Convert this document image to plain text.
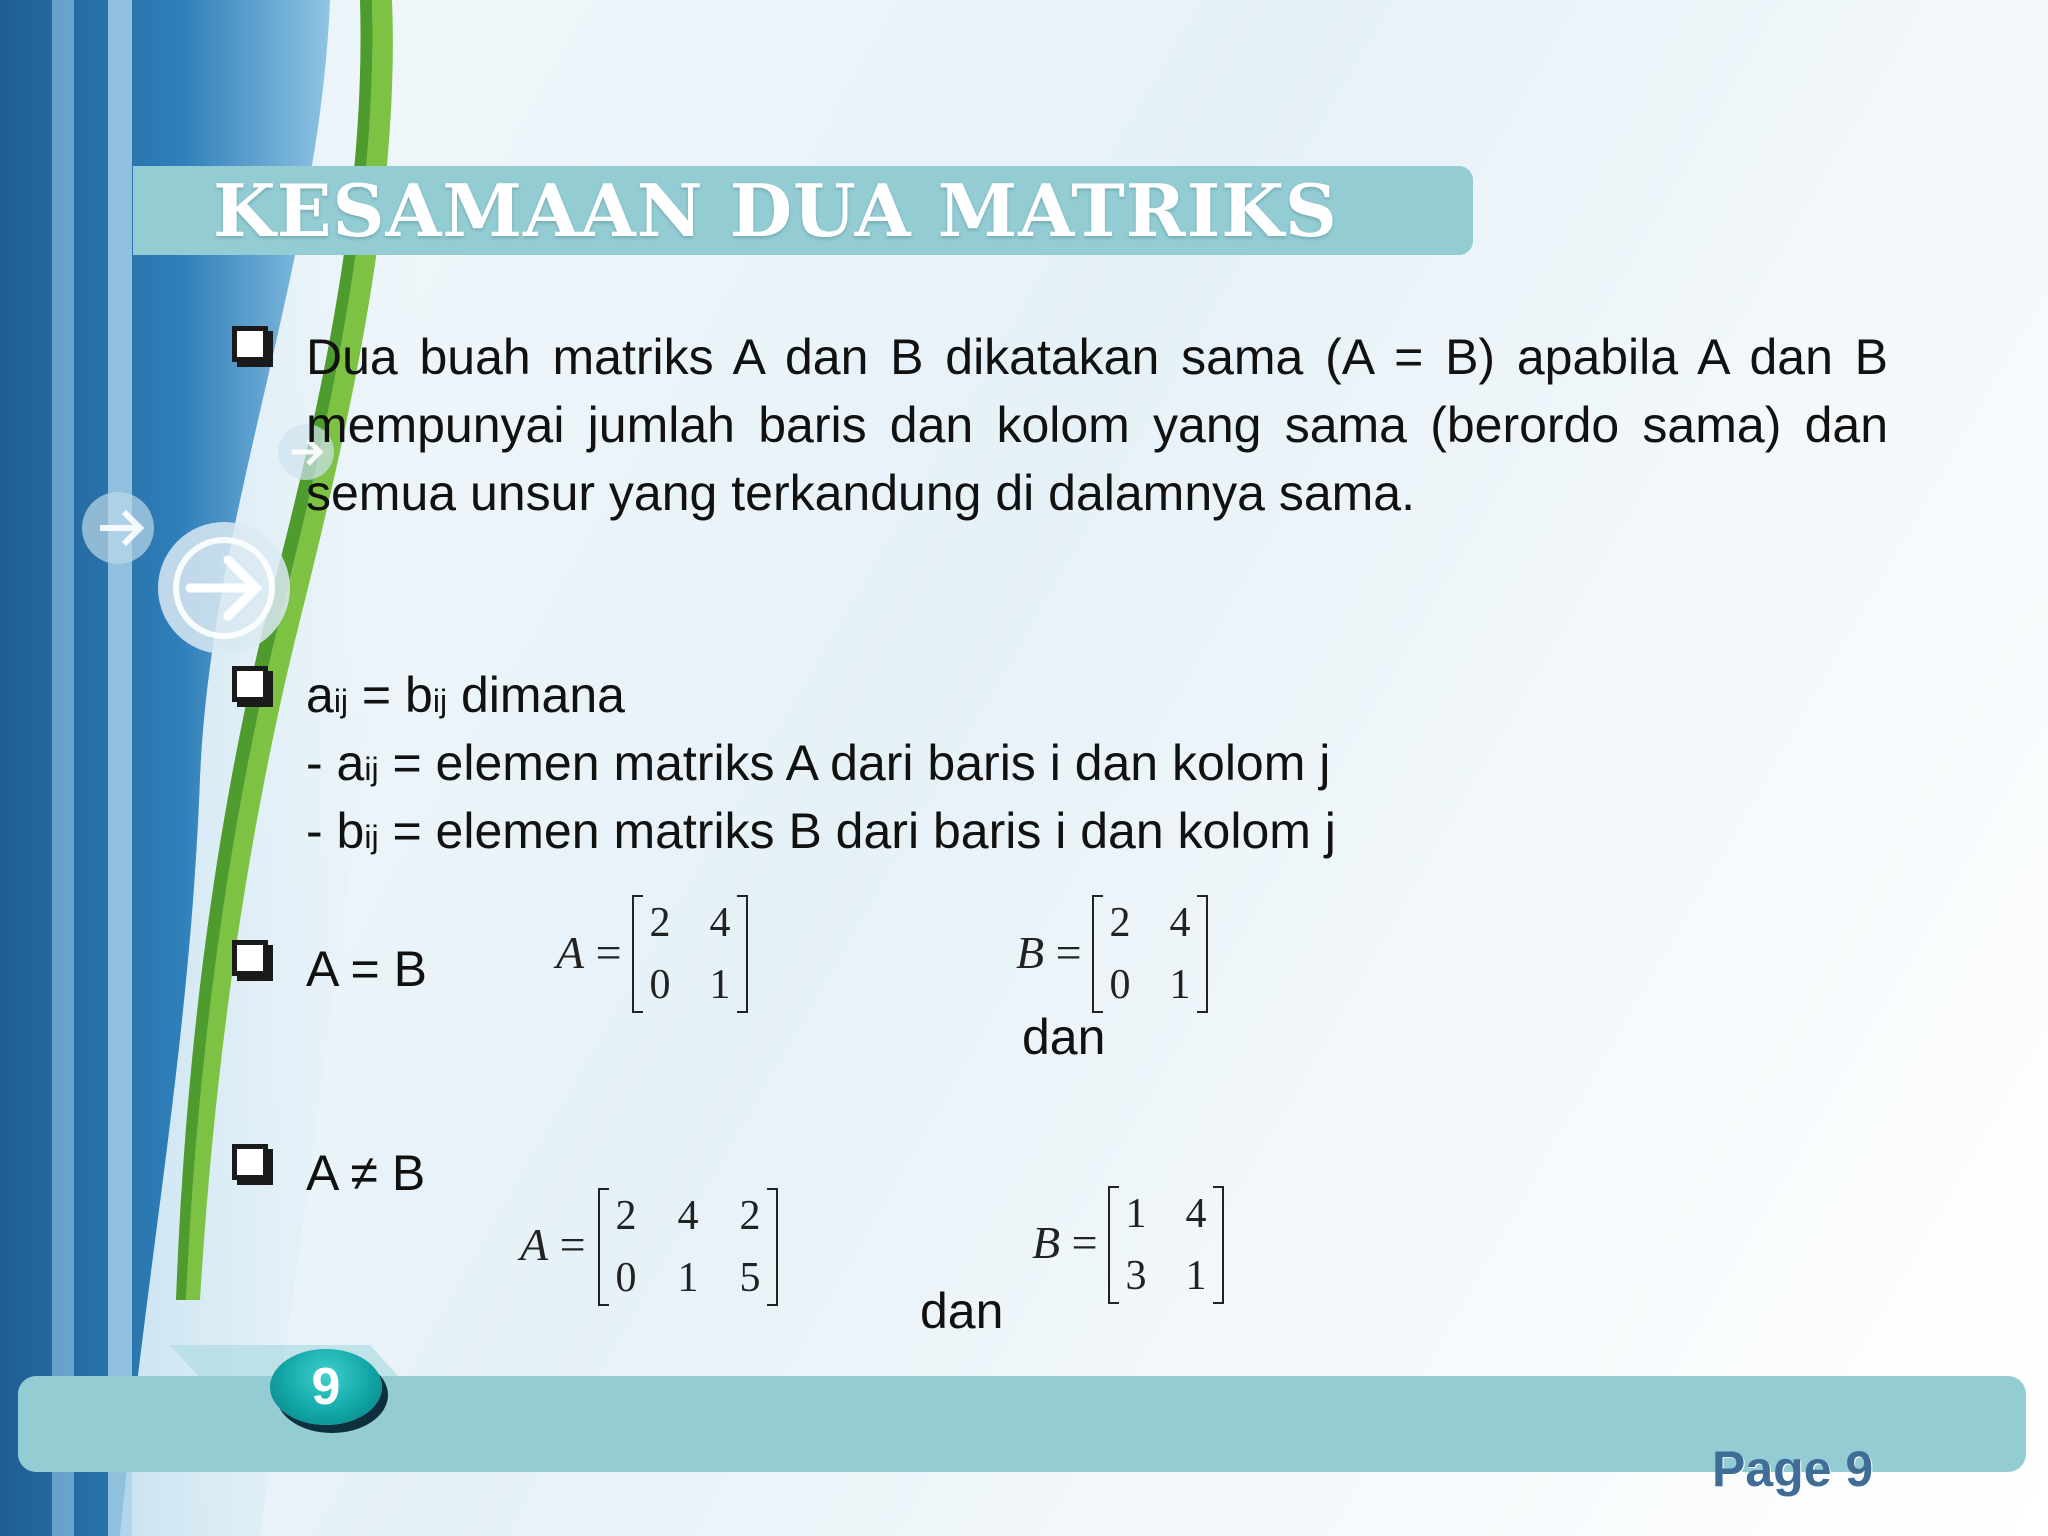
KESAMAAN DUA MATRIKS
Dua buah matriks A dan B dikatakan sama (A = B) apabila A dan B mempunyai jumlah baris dan kolom yang sama (berordo sama) dan semua unsur yang terkandung di dalamnya sama.
aij = bij dimana
- aij = elemen matriks A dari baris i dan kolom j
- bij = elemen matriks B dari baris i dan kolom j
A = B	A =
2 4
0 1
B =
2 4
0 1
dan
A ≠ B
A =
2 4 2
0 1 5
dan
B =
1 4
3 1
9
Page 9
